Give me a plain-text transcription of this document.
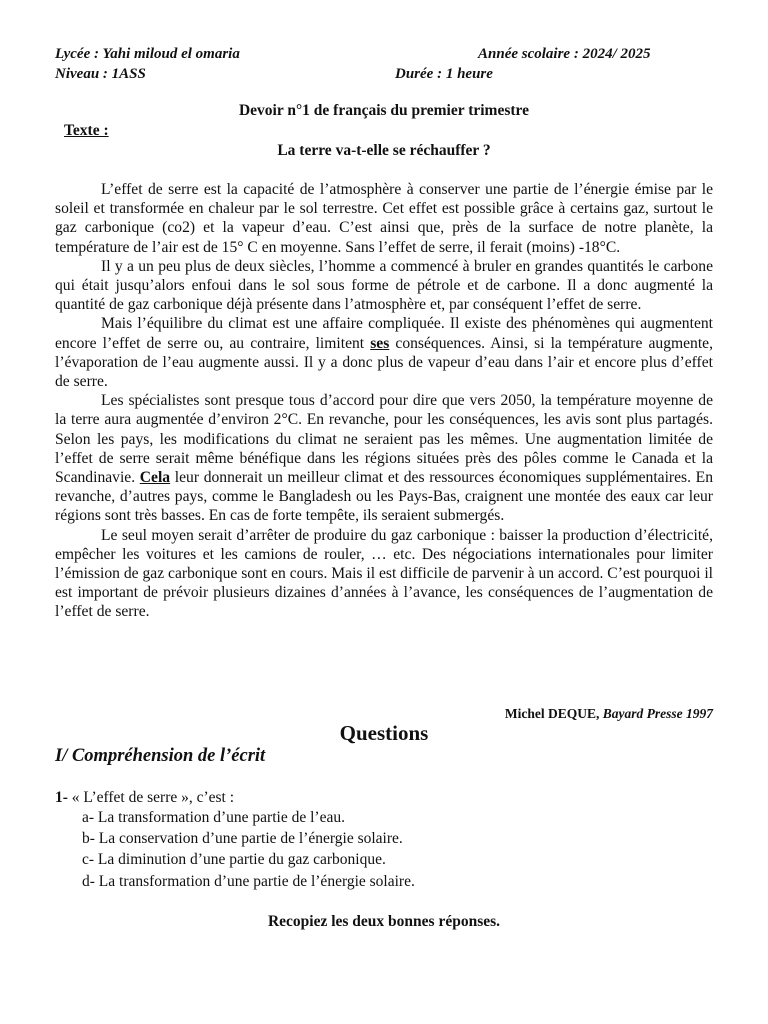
Lycée : Yahi miloud el omaria	Année scolaire : 2024/ 2025
Niveau : 1ASS	Durée : 1 heure
Devoir n°1 de français du premier trimestre
Texte :
La terre va-t-elle se réchauffer ?

L’effet de serre est la capacité de l’atmosphère à conserver une partie de l’énergie émise par le soleil et transformée en chaleur par le sol terrestre. Cet effet est possible grâce à certains gaz, surtout le gaz carbonique (co2) et la vapeur d’eau. C’est ainsi que, près de la surface de notre planète, la température de l’air est de 15° C en moyenne. Sans l’effet de serre, il ferait (moins) -18°C.

Il y a un peu plus de deux siècles, l’homme a commencé à bruler en grandes quantités le carbone qui était jusqu’alors enfoui dans le sol sous forme de pétrole et de carbone. Il a donc augmenté la quantité de gaz carbonique déjà présente dans l’atmosphère et, par conséquent l’effet de serre.

Mais l’équilibre du climat est une affaire compliquée. Il existe des phénomènes qui augmentent encore l’effet de serre ou, au contraire, limitent ses conséquences. Ainsi, si la température augmente, l’évaporation de l’eau augmente aussi. Il y a donc plus de vapeur d’eau dans l’air et encore plus d’effet de serre.

Les spécialistes sont presque tous d’accord pour dire que vers 2050, la température moyenne de la terre aura augmentée d’environ 2°C. En revanche, pour les conséquences, les avis sont plus partagés. Selon les pays, les modifications du climat ne seraient pas les mêmes. Une augmentation limitée de l’effet de serre serait même bénéfique dans les régions situées près des pôles comme le Canada et la Scandinavie. Cela leur donnerait un meilleur climat et des ressources économiques supplémentaires. En revanche, d’autres pays, comme le Bangladesh ou les Pays-Bas, craignent une montée des eaux car leur régions sont très basses. En cas de forte tempête, ils seraient submergés.

Le seul moyen serait d’arrêter de produire du gaz carbonique : baisser la production d’électricité, empêcher les voitures et les camions de rouler, … etc. Des négociations internationales pour limiter l’émission de gaz carbonique sont en cours. Mais il est difficile de parvenir à un accord. C’est pourquoi il est important de prévoir plusieurs dizaines d’années à l’avance, les conséquences de l’augmentation de l’effet de serre.

Michel DEQUE, Bayard Presse 1997
Questions
I/ Compréhension de l’écrit
1- « L’effet de serre », c’est :
a- La transformation d’une partie de l’eau.
b- La conservation d’une partie de l’énergie solaire.
c- La diminution d’une partie du gaz carbonique.
d- La transformation d’une partie de l’énergie solaire.
Recopiez les deux bonnes réponses.
